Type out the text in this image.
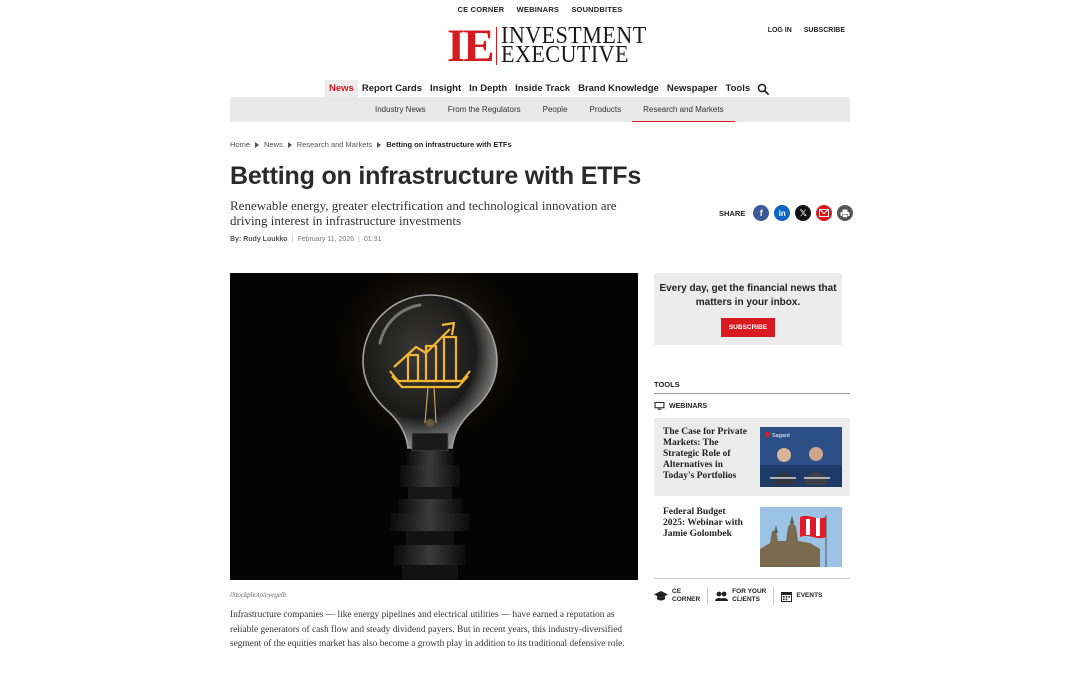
CE CORNER WEBINARS SOUNDBITES
IE INVESTMENT
EXECUTIVE
LOG IN SUBSCRIBE
News Report Cards Insight In Depth Inside Track Brand Knowledge Newspaper Tools
Industry News	From the Regulators	People	Products	Research and Markets
Home News Research and Markets Betting on infrastructure with ETFs
Betting on infrastructure with ETFs

Renewable energy, greater electrification and technological innovation are driving interest in infrastructure investments

By: Rudy Luukko | February 11, 2026 | 01:31
SHARE	f	in	𝕏
iStockphoto/eyegelb

Infrastructure companies — like energy pipelines and electrical utilities — have earned a reputation as reliable generators of cash flow and steady dividend payers. But in recent years, this industry-diversified segment of the equities market has also become a growth play in addition to its traditional defensive role.

Every day, get the financial news that matters in your inbox.
SUBSCRIBE
TOOLS
WEBINARS
The Case for Private Markets: The Strategic Role of Alternatives in Today's Portfolios
Sagard
Federal Budget 2025: Webinar with Jamie Golombek
CE
CORNER
FOR YOUR
CLIENTS
EVENTS
